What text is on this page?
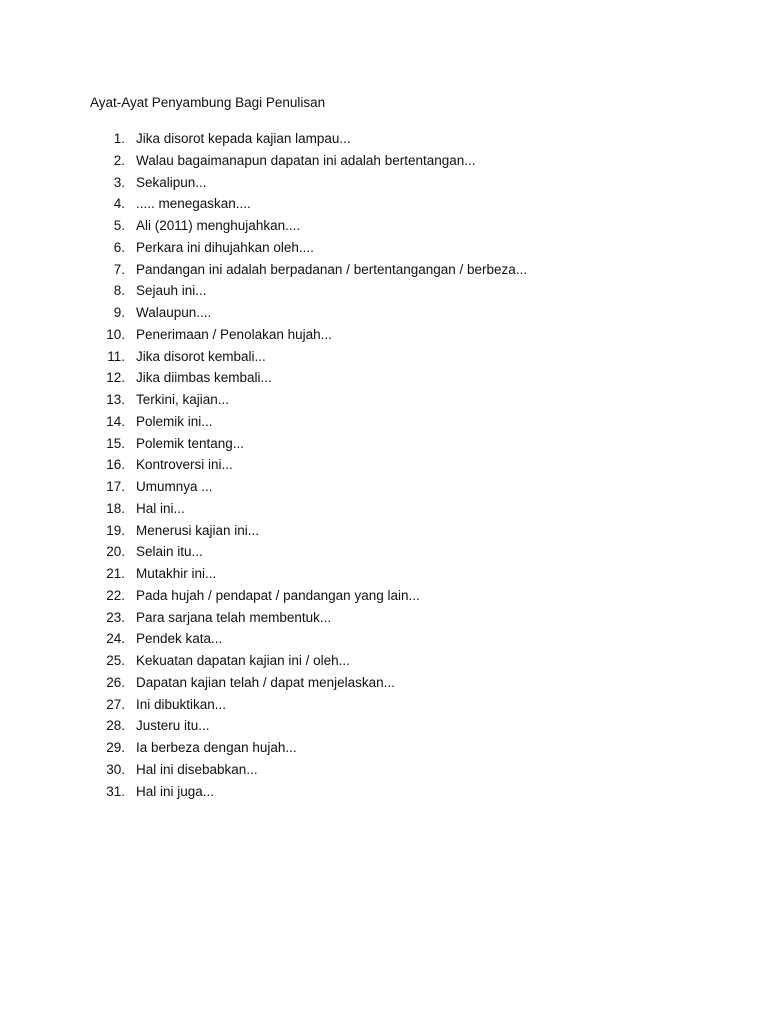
Ayat-Ayat Penyambung Bagi Penulisan
1. Jika disorot kepada kajian lampau...
2. Walau bagaimanapun dapatan ini adalah bertentangan...
3. Sekalipun...
4. ..... menegaskan....
5. Ali (2011) menghujahkan....
6. Perkara ini dihujahkan oleh....
7. Pandangan ini adalah berpadanan / bertentangangan / berbeza...
8. Sejauh ini...
9. Walaupun....
10. Penerimaan / Penolakan hujah...
11. Jika disorot kembali...
12. Jika diimbas kembali...
13. Terkini, kajian...
14. Polemik ini...
15. Polemik tentang...
16. Kontroversi ini...
17. Umumnya ...
18. Hal ini...
19. Menerusi kajian ini...
20. Selain itu...
21. Mutakhir ini...
22. Pada hujah / pendapat / pandangan yang lain...
23. Para sarjana telah membentuk...
24. Pendek kata...
25. Kekuatan dapatan kajian ini / oleh...
26. Dapatan kajian telah / dapat menjelaskan...
27. Ini dibuktikan...
28. Justeru itu...
29. Ia berbeza dengan hujah...
30. Hal ini disebabkan...
31. Hal ini juga...
